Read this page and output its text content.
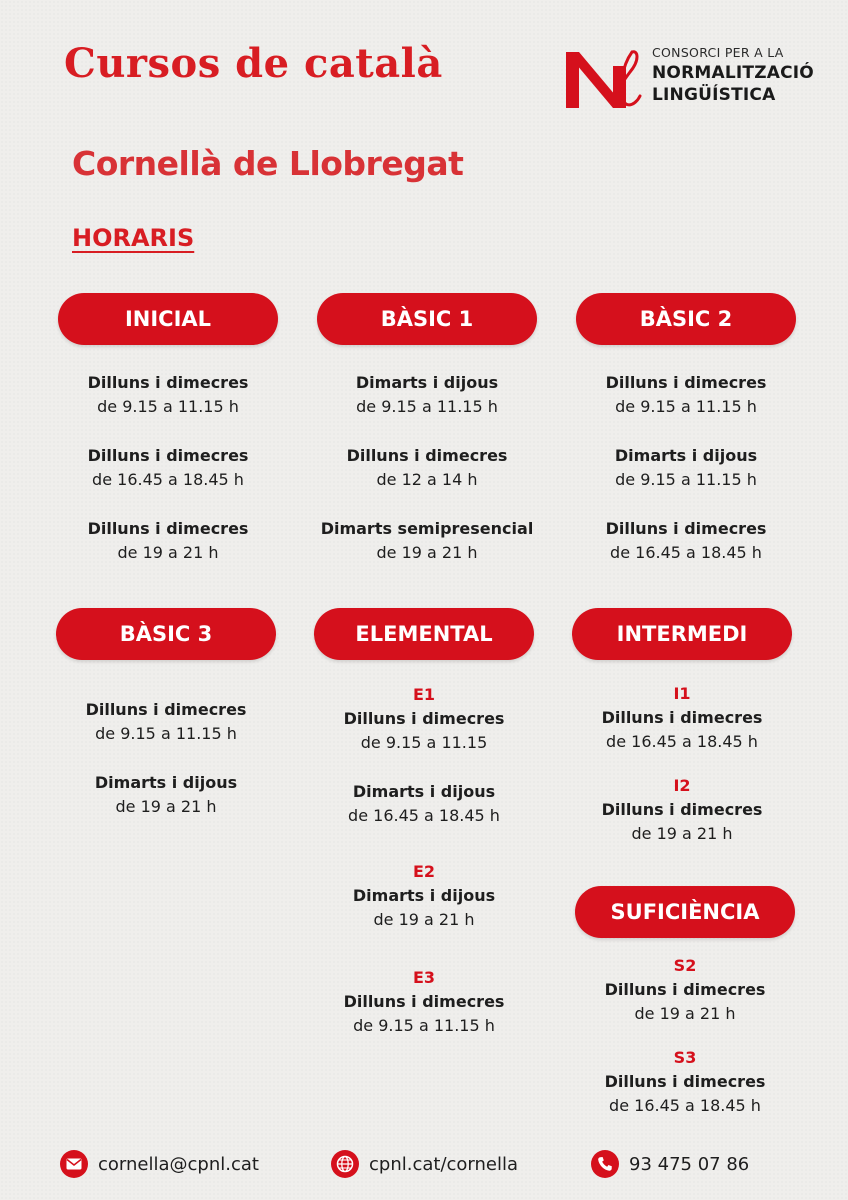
Cursos de català
Cornellà de Llobregat
HORARIS
CONSORCI PER A LA
NORMALITZACIÓ
LINGÜÍSTICA
INICIAL
Dilluns i dimecres
de 9.15 a 11.15 h
Dilluns i dimecres
de 16.45 a 18.45 h
Dilluns i dimecres
de 19 a 21 h
BÀSIC 1
Dimarts i dijous
de 9.15 a 11.15 h
Dilluns i dimecres
de 12 a 14 h
Dimarts semipresencial
de 19 a 21 h
BÀSIC 2
Dilluns i dimecres
de 9.15 a 11.15 h
Dimarts i dijous
de 9.15 a 11.15 h
Dilluns i dimecres
de 16.45 a 18.45 h
BÀSIC 3
Dilluns i dimecres
de 9.15 a 11.15 h
Dimarts i dijous
de 19 a 21 h
ELEMENTAL
E1
Dilluns i dimecres
de 9.15 a 11.15
Dimarts i dijous
de 16.45 a 18.45 h
E2
Dimarts i dijous
de 19 a 21 h
E3
Dilluns i dimecres
de 9.15 a 11.15 h
INTERMEDI
I1
Dilluns i dimecres
de 16.45 a 18.45 h
I2
Dilluns i dimecres
de 19 a 21 h
SUFICIÈNCIA
S2
Dilluns i dimecres
de 19 a 21 h
S3
Dilluns i dimecres
de 16.45 a 18.45 h
cornella@cpnl.cat	cpnl.cat/cornella	93 475 07 86
